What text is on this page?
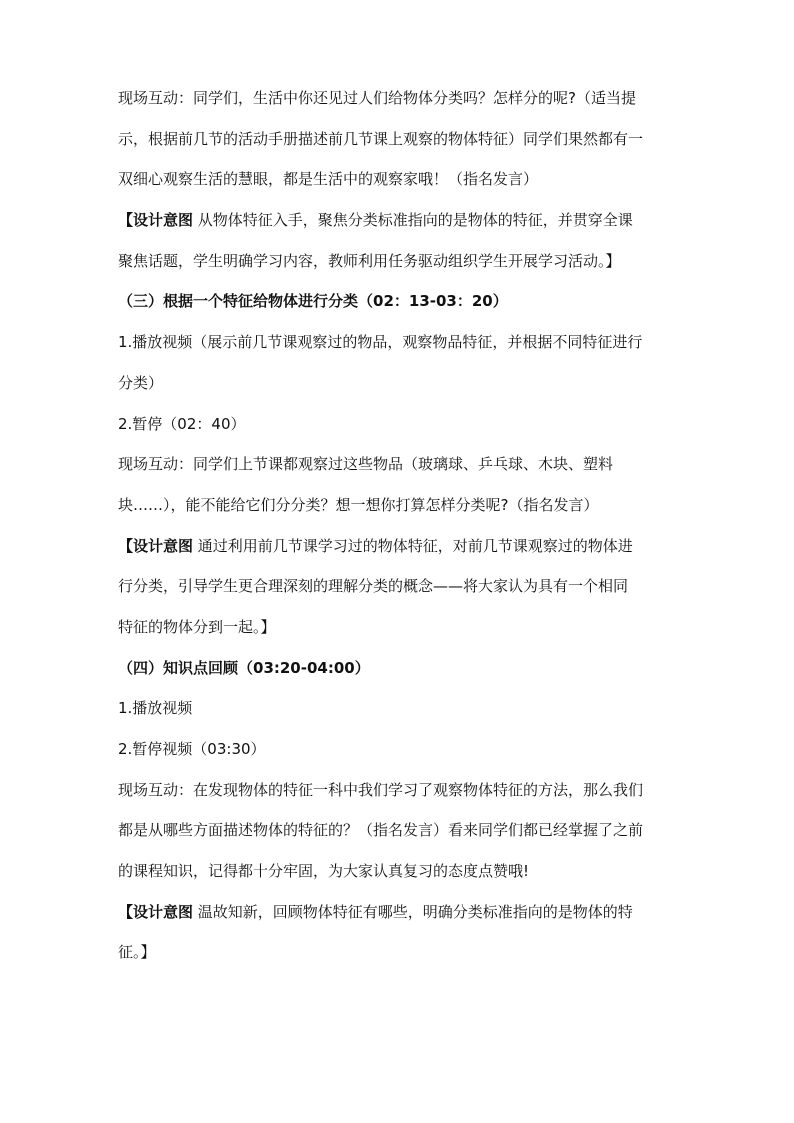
现场互动：同学们，生活中你还见过人们给物体分类吗？怎样分的呢?（适当提
示，根据前几节的活动手册描述前几节课上观察的物体特征）同学们果然都有一
双细心观察生活的慧眼，都是生活中的观察家哦！（指名发言）
【设计意图 从物体特征入手，聚焦分类标准指向的是物体的特征，并贯穿全课
聚焦话题，学生明确学习内容，教师利用任务驱动组织学生开展学习活动。】
（三）根据一个特征给物体进行分类（02：13-03：20）
1.播放视频（展示前几节课观察过的物品，观察物品特征，并根据不同特征进行
分类）
2.暂停（02：40）
现场互动：同学们上节课都观察过这些物品（玻璃球、乒乓球、木块、塑料
块……），能不能给它们分分类？想一想你打算怎样分类呢?（指名发言）
【设计意图 通过利用前几节课学习过的物体特征，对前几节课观察过的物体进
行分类，引导学生更合理深刻的理解分类的概念——将大家认为具有一个相同
特征的物体分到一起。】
（四）知识点回顾（03:20-04:00）
1.播放视频
2.暂停视频（03:30）
现场互动：在发现物体的特征一科中我们学习了观察物体特征的方法，那么我们
都是从哪些方面描述物体的特征的？（指名发言）看来同学们都已经掌握了之前
的课程知识，记得都十分牢固，为大家认真复习的态度点赞哦!
【设计意图 温故知新，回顾物体特征有哪些，明确分类标准指向的是物体的特
征。】
